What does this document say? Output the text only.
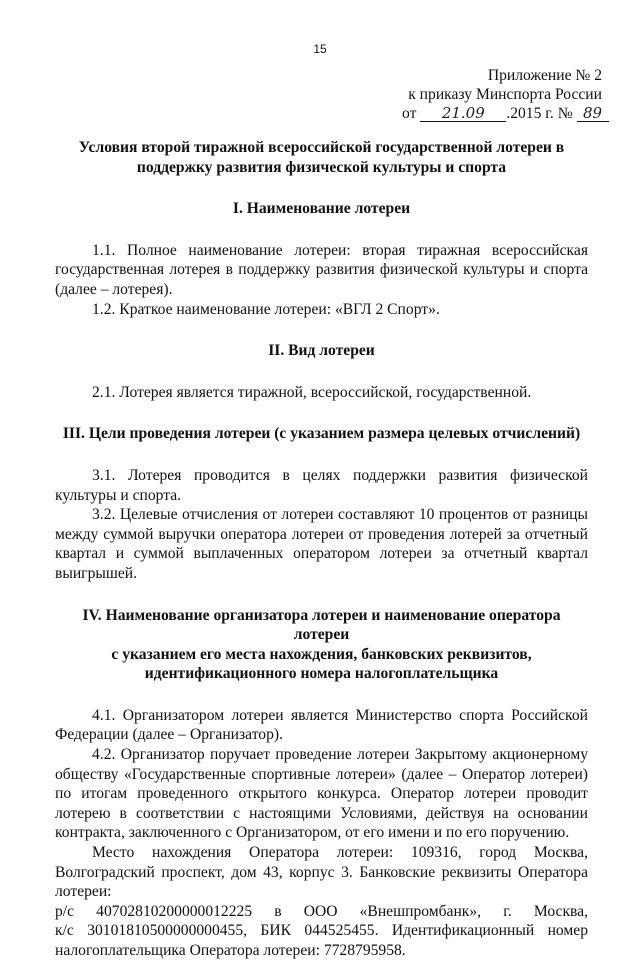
15
Приложение № 2
к приказу Минспорта России
от 21.09 .2015 г. № 89
Условия второй тиражной всероссийской государственной лотереи в
поддержку развития физической культуры и спорта
I. Наименование лотереи
1.1. Полное наименование лотереи: вторая тиражная всероссийская государственная лотерея в поддержку развития физической культуры и спорта (далее – лотерея).
1.2. Краткое наименование лотереи: «ВГЛ 2 Спорт».
II. Вид лотереи
2.1. Лотерея является тиражной, всероссийской, государственной.
III. Цели проведения лотереи (с указанием размера целевых отчислений)
3.1. Лотерея проводится в целях поддержки развития физической культуры и спорта.
3.2. Целевые отчисления от лотереи составляют 10 процентов от разницы между суммой выручки оператора лотереи от проведения лотерей за отчетный квартал и суммой выплаченных оператором лотереи за отчетный квартал выигрышей.
IV. Наименование организатора лотереи и наименование оператора лотереи
с указанием его места нахождения, банковских реквизитов,
идентификационного номера налогоплательщика
4.1. Организатором лотереи является Министерство спорта Российской Федерации (далее – Организатор).
4.2. Организатор поручает проведение лотереи Закрытому акционерному обществу «Государственные спортивные лотереи» (далее – Оператор лотереи) по итогам проведенного открытого конкурса. Оператор лотереи проводит лотерею в соответствии с настоящими Условиями, действуя на основании контракта, заключенного с Организатором, от его имени и по его поручению.
Место нахождения Оператора лотереи: 109316, город Москва, Волгоградский проспект, дом 43, корпус 3. Банковские реквизиты Оператора лотереи:
р/с 40702810200000012225 в ООО «Внешпромбанк», г. Москва,
к/с 30101810500000000455, БИК 044525455. Идентификационный номер
налогоплательщика Оператора лотереи: 7728795958.
